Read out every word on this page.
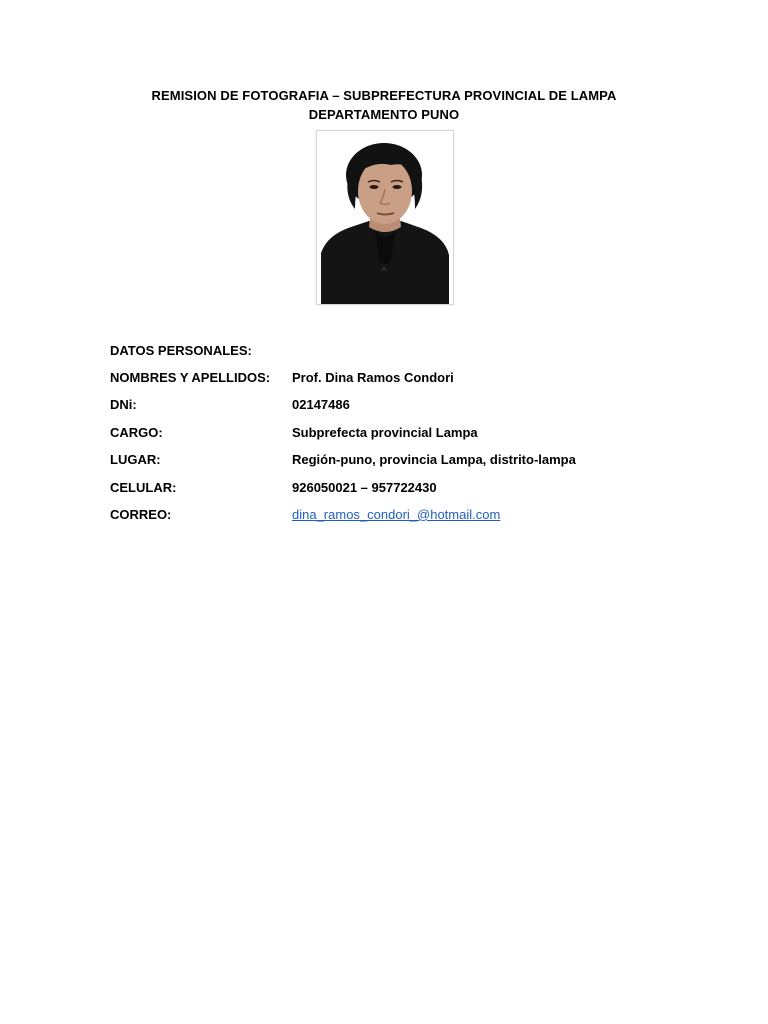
REMISION DE FOTOGRAFIA – SUBPREFECTURA PROVINCIAL DE LAMPA DEPARTAMENTO PUNO
DATOS PERSONALES:
NOMBRES Y APELLIDOS:	Prof. Dina Ramos Condori
DNi:	02147486
CARGO:	Subprefecta provincial Lampa
LUGAR:	Región-puno, provincia Lampa, distrito-lampa
CELULAR:	926050021 – 957722430
CORREO:	dina_ramos_condori_@hotmail.com
